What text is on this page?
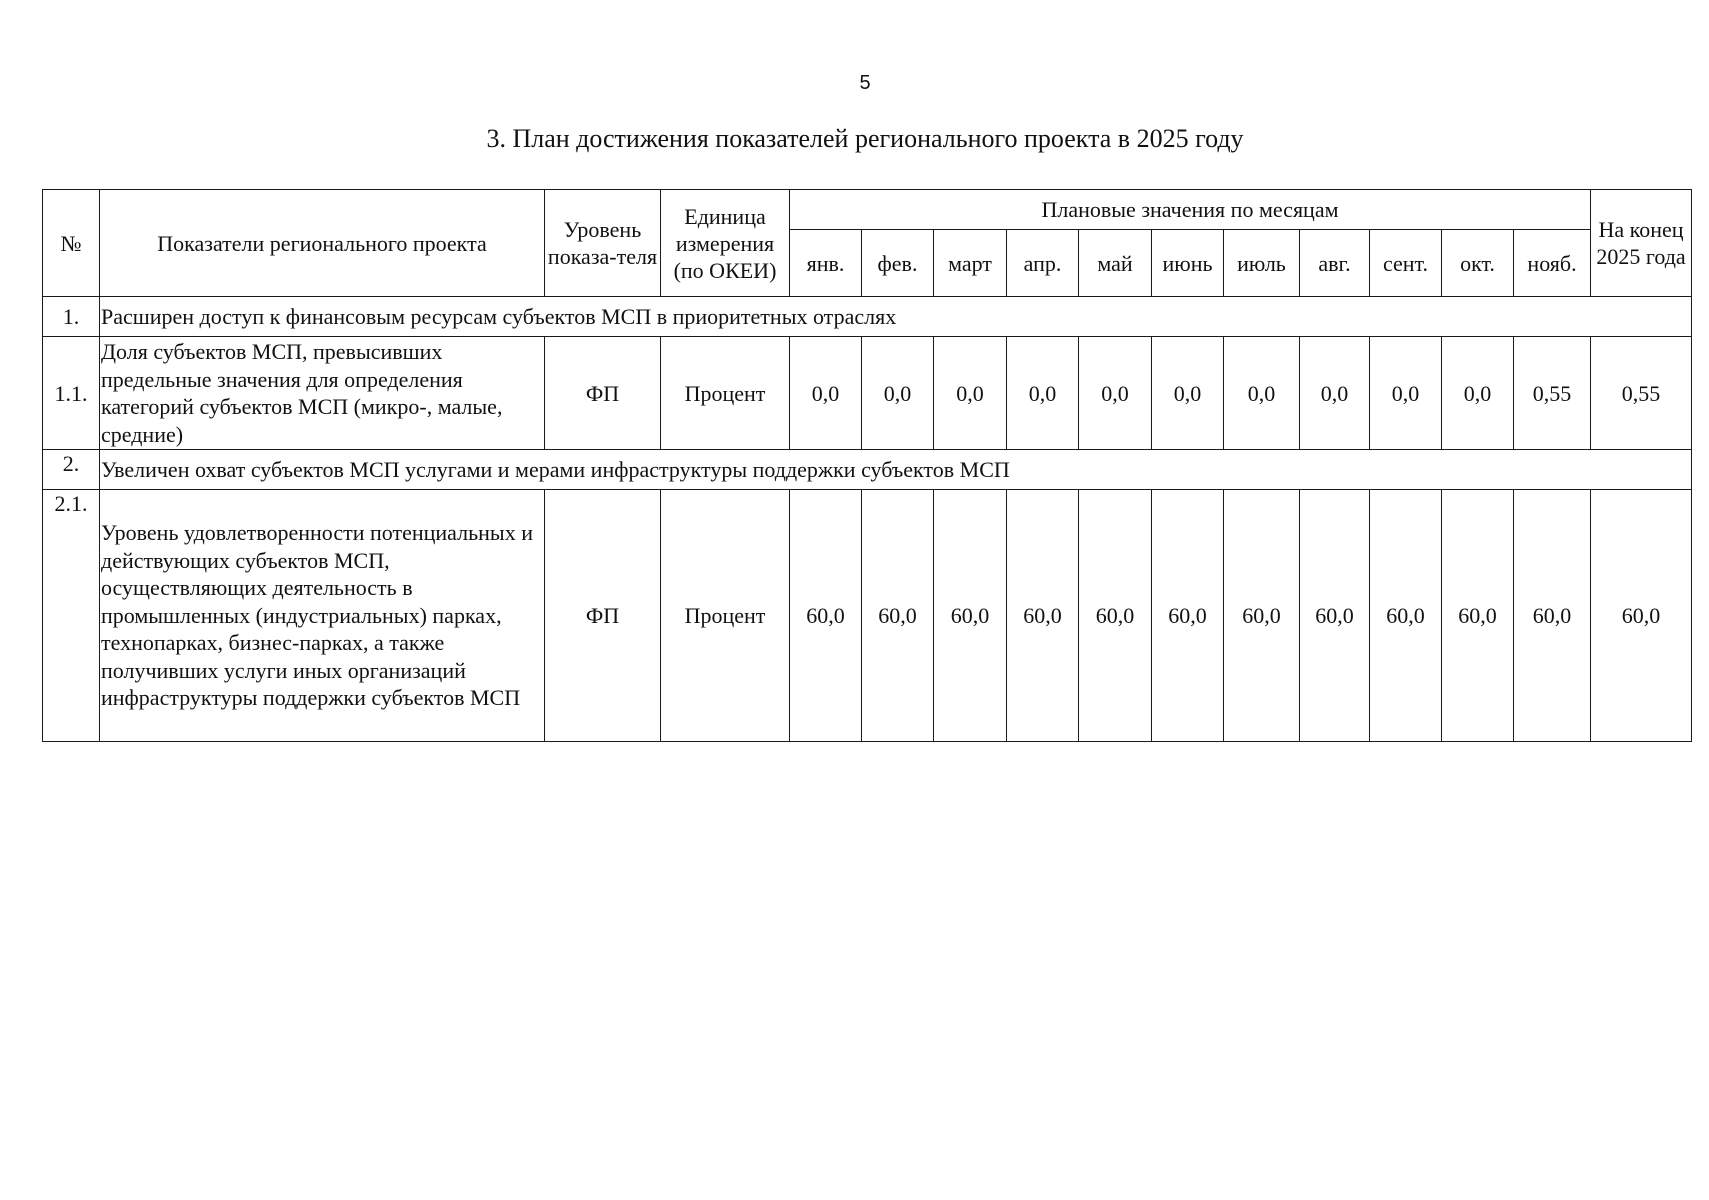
5
3. План достижения показателей регионального проекта в 2025 году
№	Показатели регионального проекта	Уровень показа-теля	Единица измерения (по ОКЕИ)	Плановые значения по месяцам											На конец 2025 года
				янв.	фев.	март	апр.	май	июнь	июль	авг.	сент.	окт.	нояб.	
1.	Расширен доступ к финансовым ресурсам субъектов МСП в приоритетных отраслях														
1.1.	Доля субъектов МСП, превысивших предельные значения для определения категорий субъектов МСП (микро-, малые, средние)	ФП	Процент	0,0	0,0	0,0	0,0	0,0	0,0	0,0	0,0	0,0	0,0	0,55	0,55
2.	Увеличен охват субъектов МСП услугами и мерами инфраструктуры поддержки субъектов МСП														
2.1.	Уровень удовлетворенности потенциальных и действующих субъектов МСП, осуществляющих деятельность в промышленных (индустриальных) парках, технопарках, бизнес-парках, а также получивших услуги иных организаций инфраструктуры поддержки субъектов МСП	ФП	Процент	60,0	60,0	60,0	60,0	60,0	60,0	60,0	60,0	60,0	60,0	60,0	60,0
